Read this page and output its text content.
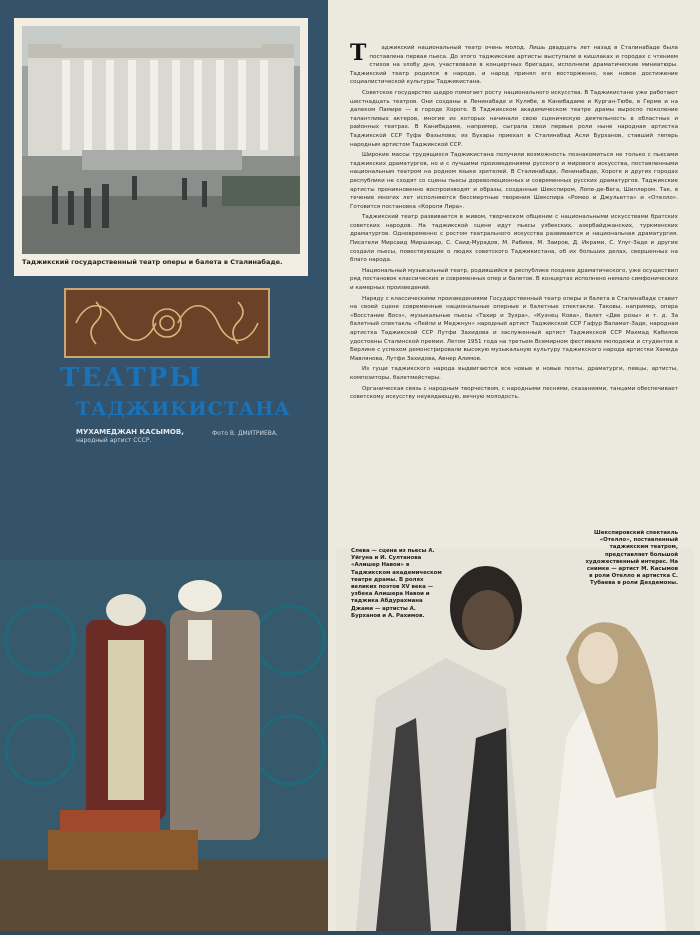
Таджикский государственный театр оперы и балета в Сталинабаде.
ТЕАТРЫ
ТАДЖИКИСТАНА
МУХАМЕДЖАН КАСЫМОВ,
народный артист СССР.
Фото В. ДМИТРИЕВА.

Т	аджикский национальный театр очень молод. Лишь двадцать лет назад в Сталинабаде была поставлена первая пьеса. До этого таджикские артисты выступали в кишлаках и городах с чтением стихов на злобу дня, участвовали в концертных бригадах, исполняли драматические миниатюры. Таджикский театр родился в народе, и народ принял его восторженно, как новое достижение социалистической культуры Таджикистана.

Советское государство щедро помогает росту национального искусства. В Таджикистане уже работают шестнадцать театров. Они созданы в Ленинабаде и Кулябе, в Канибадаме и Курган-Тюбе, в Герме и на далеком Памире — в городе Хороге. В Таджикском академическом театре драмы выросло поколение талантливых актеров, многие из которых начинали свою сценическую деятельность в областных и районных театрах. В Канибадаме, например, сыграла свои первые роли ныне народная артистка Таджикской ССР Туфа Фазылова; из Бухары приехал в Сталинабад Асли Бурханов, ставший теперь народным артистом Таджикской ССР.

Широкие массы трудящихся Таджикистана получили возможность познакомиться не только с пьесами таджикских драматургов, но и с лучшими произведениями русского и мирового искусства, поставленными национальным театром на родном языке зрителей. В Сталинабаде, Ленинабаде, Хороге и других городах республики не сходят со сцены пьесы дореволюционных и современных русских драматургов. Таджикские артисты проникновенно воспроизводят и образы, созданные Шекспиром, Лопе-де-Вега, Шиллером. Так, в течение многих лет исполняются бессмертные творения Шекспира «Ромео и Джульетта» и «Отелло». Готовится постановка «Короля Лира».

Таджикский театр развивается в живом, творческом общении с национальными искусствами братских советских народов. На таджикской сцене идут пьесы узбекских, азербайджанских, туркменских драматургов. Одновременно с ростом театрального искусства развивается и национальная драматургия. Писатели Мирсаид Миршакар, С. Саид-Мурадов, М. Рабиев, М. Заиров, Д. Икрами, С. Улуг-Заде и другие создали пьесы, повествующие о людях советского Таджикистана, об их больших делах, свершенных на благо народа.

Национальный музыкальный театр, родившийся в республике позднее драматического, уже осуществил ряд постановок классических и современных опер и балетов. В концертах исполнено немало симфонических и камерных произведений.

Наряду с классическими произведениями Государственный театр оперы и балета в Сталинабаде ставит на своей сцене современные национальные оперные и балетные спектакли. Таковы, например, опера «Восстание Восэ», музыкальные пьесы «Тахир и Зухра», «Кузнец Кова», балет «Две розы» и т. д. За балетный спектакль «Лейли и Меджнун» народный артист Таджикской ССР Гафур Валамат-Заде, народная артистка Таджикской ССР Лутфи Захидова и заслуженный артист Таджикской ССР Махмад Кабилов удостоены Сталинской премии. Летом 1951 года на третьем Всемирном фестивале молодежи и студентов в Берлине с успехом демонстрировали высокую музыкальную культуру таджикского народа артистки Хамида Мавлянова, Лутфи Захидова, Авнер Алимов.

Из гущи таджикского народа выдвигаются все новые и новые поэты, драматурги, певцы, артисты, композиторы, балетмейстеры.

Органическая связь с народным творчеством, с народными песнями, сказаниями, танцами обеспечивает советскому искусству неувядающую, вечную молодость.

Слева — сцена из пьесы А. Уйгуна и И. Султанова «Алишер Навои» в Таджикском академическом театре драмы. В ролях великих поэтов XV века — узбека Алишера Навои и таджика Абдурахмана Джами — артисты А. Бурханов и А. Рахимов.
Шекспировский спектакль «Отелло», поставленный таджикским театром, представляет большой художественный интерес. На снимке — артист М. Касымов в роли Отелло и артистка С. Тубаева в роли Дездемоны.
